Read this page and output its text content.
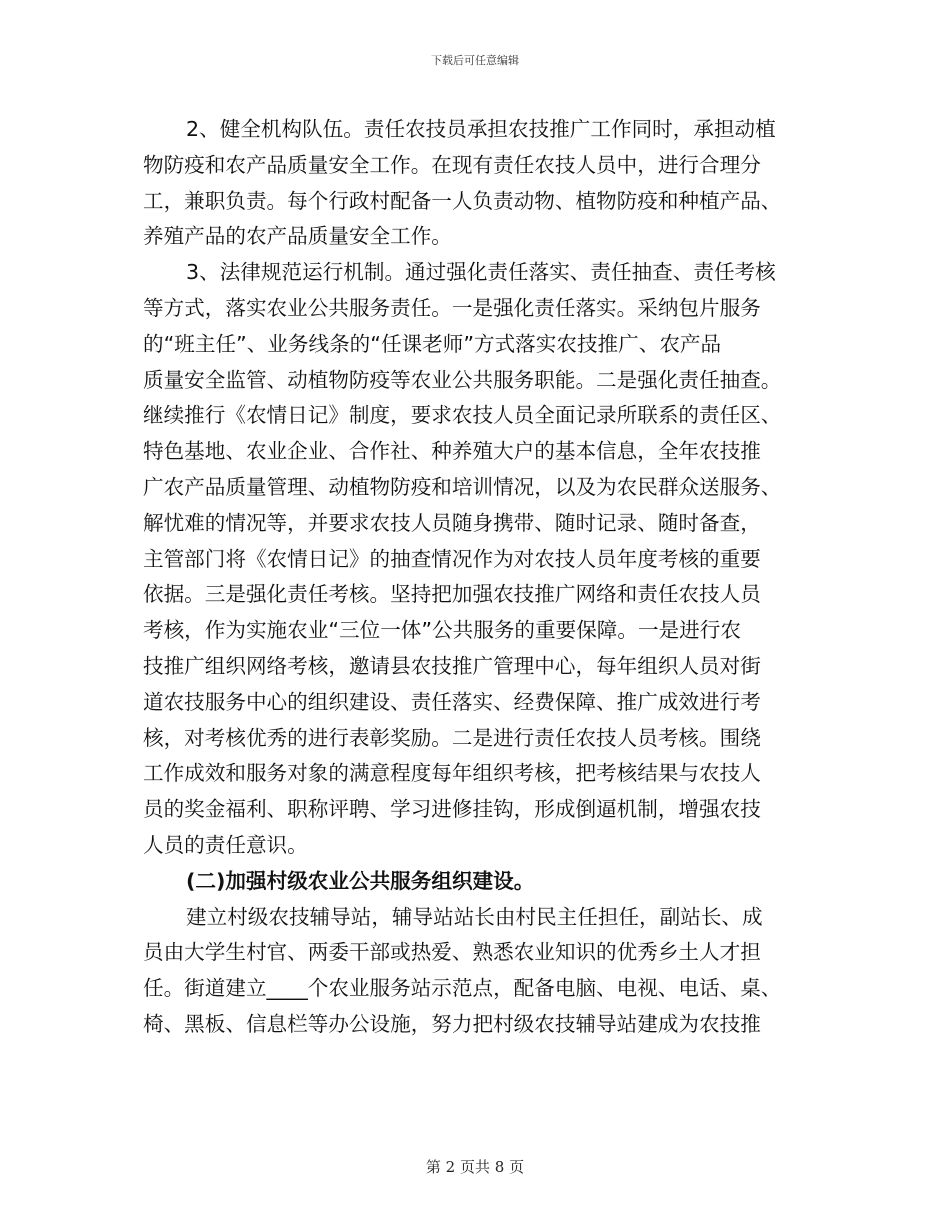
下载后可任意编辑
2、健全机构队伍。责任农技员承担农技推广工作同时，承担动植
物防疫和农产品质量安全工作。在现有责任农技人员中，进行合理分
工，兼职负责。每个行政村配备一人负责动物、植物防疫和种植产品、
养殖产品的农产品质量安全工作。
3、法律规范运行机制。通过强化责任落实、责任抽查、责任考核
等方式，落实农业公共服务责任。一是强化责任落实。采纳包片服务
的“班主任”、业务线条的“任课老师”方式落实农技推广、农产品
质量安全监管、动植物防疫等农业公共服务职能。二是强化责任抽查。
继续推行《农情日记》制度，要求农技人员全面记录所联系的责任区、
特色基地、农业企业、合作社、种养殖大户的基本信息，全年农技推
广农产品质量管理、动植物防疫和培训情况，以及为农民群众送服务、
解忧难的情况等，并要求农技人员随身携带、随时记录、随时备查，
主管部门将《农情日记》的抽查情况作为对农技人员年度考核的重要
依据。三是强化责任考核。坚持把加强农技推广网络和责任农技人员
考核，作为实施农业“三位一体”公共服务的重要保障。一是进行农
技推广组织网络考核，邀请县农技推广管理中心，每年组织人员对街
道农技服务中心的组织建设、责任落实、经费保障、推广成效进行考
核，对考核优秀的进行表彰奖励。二是进行责任农技人员考核。围绕
工作成效和服务对象的满意程度每年组织考核，把考核结果与农技人
员的奖金福利、职称评聘、学习进修挂钩，形成倒逼机制，增强农技
人员的责任意识。
(二)加强村级农业公共服务组织建设。
建立村级农技辅导站，辅导站站长由村民主任担任，副站长、成
员由大学生村官、两委干部或热爱、熟悉农业知识的优秀乡土人才担
任。街道建立____个农业服务站示范点，配备电脑、电视、电话、桌、
椅、黑板、信息栏等办公设施，努力把村级农技辅导站建成为农技推
第 2 页共 8 页
